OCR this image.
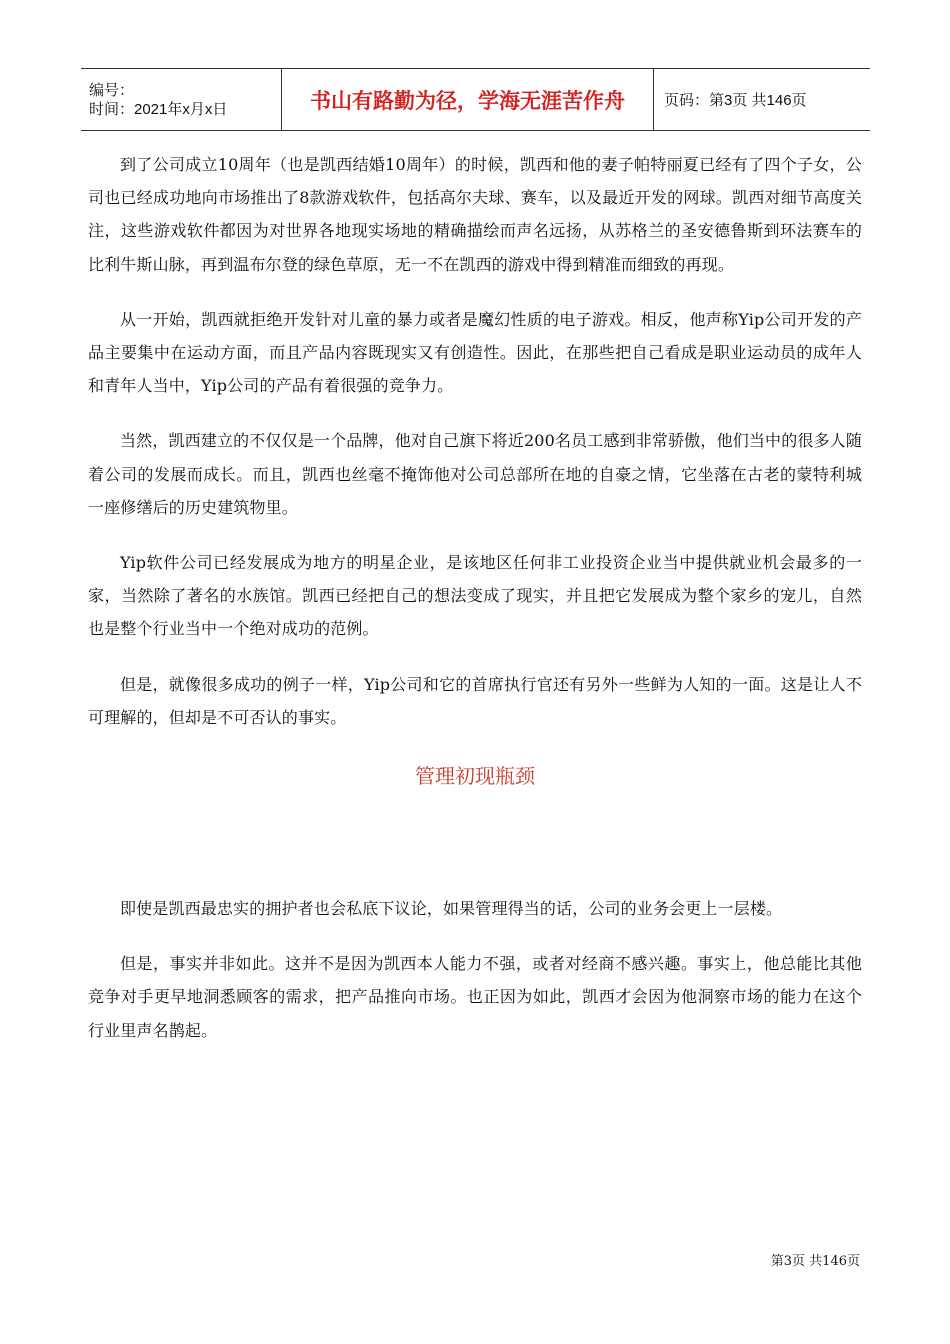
编号：
时间：2021年x月x日	书山有路勤为径，学海无涯苦作舟	页码：第3页 共146页

到了公司成立10周年（也是凯西结婚10周年）的时候，凯西和他的妻子帕特丽夏已经有了四个子女，公司也已经成功地向市场推出了8款游戏软件，包括高尔夫球、赛车，以及最近开发的网球。凯西对细节高度关注，这些游戏软件都因为对世界各地现实场地的精确描绘而声名远扬，从苏格兰的圣安德鲁斯到环法赛车的比利牛斯山脉，再到温布尔登的绿色草原，无一不在凯西的游戏中得到精准而细致的再现。

从一开始，凯西就拒绝开发针对儿童的暴力或者是魔幻性质的电子游戏。相反，他声称Yip公司开发的产品主要集中在运动方面，而且产品内容既现实又有创造性。因此，在那些把自己看成是职业运动员的成年人和青年人当中，Yip公司的产品有着很强的竞争力。

当然，凯西建立的不仅仅是一个品牌，他对自己旗下将近200名员工感到非常骄傲，他们当中的很多人随着公司的发展而成长。而且，凯西也丝毫不掩饰他对公司总部所在地的自豪之情，它坐落在古老的蒙特利城一座修缮后的历史建筑物里。

Yip软件公司已经发展成为地方的明星企业，是该地区任何非工业投资企业当中提供就业机会最多的一家，当然除了著名的水族馆。凯西已经把自己的想法变成了现实，并且把它发展成为整个家乡的宠儿，自然也是整个行业当中一个绝对成功的范例。

但是，就像很多成功的例子一样，Yip公司和它的首席执行官还有另外一些鲜为人知的一面。这是让人不可理解的，但却是不可否认的事实。

管理初现瓶颈

即使是凯西最忠实的拥护者也会私底下议论，如果管理得当的话，公司的业务会更上一层楼。

但是，事实并非如此。这并不是因为凯西本人能力不强，或者对经商不感兴趣。事实上，他总能比其他竞争对手更早地洞悉顾客的需求，把产品推向市场。也正因为如此，凯西才会因为他洞察市场的能力在这个行业里声名鹊起。

第3页 共146页
